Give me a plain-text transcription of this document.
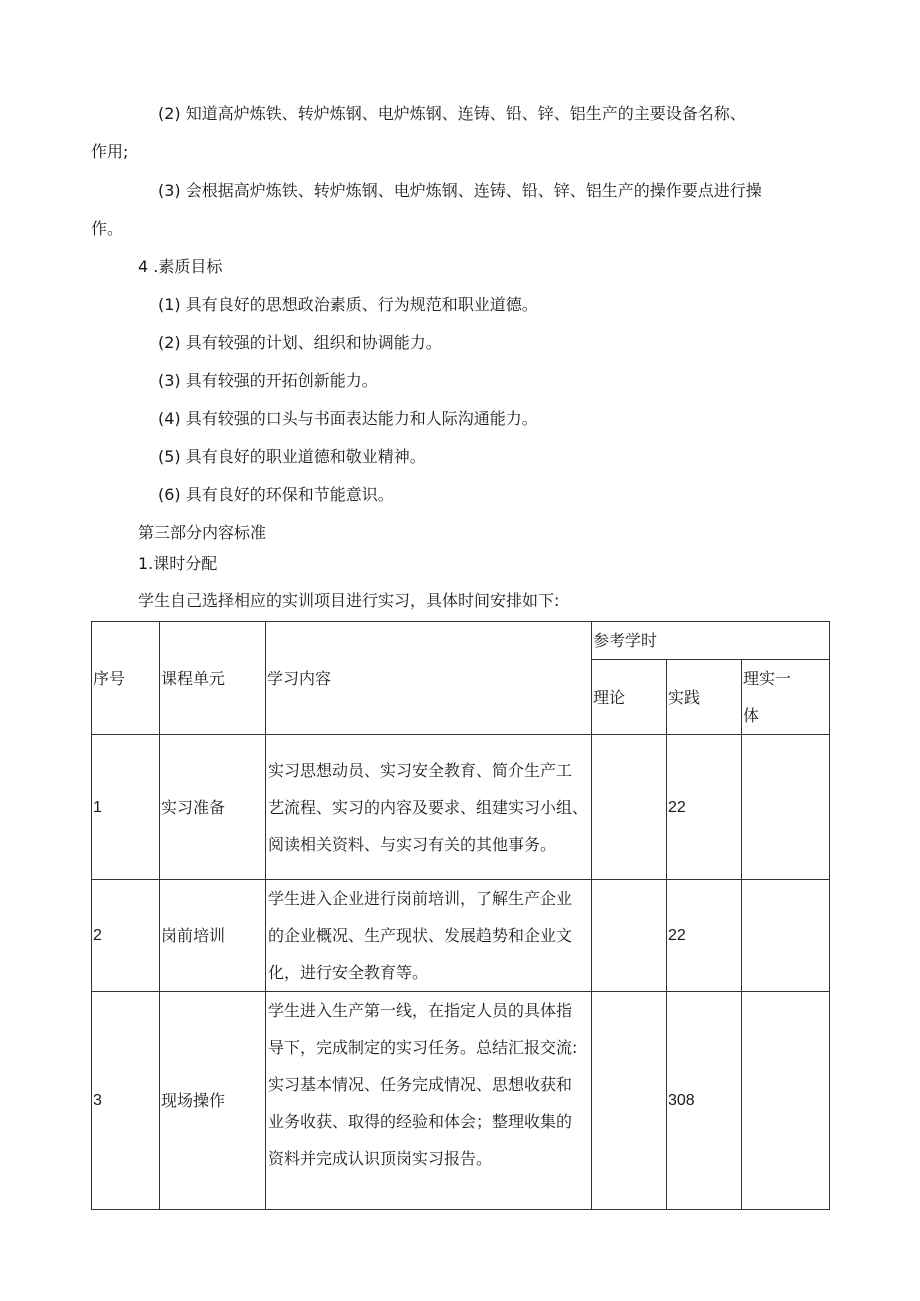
(2) 知道高炉炼铁、转炉炼钢、电炉炼钢、连铸、铅、锌、铝生产的主要设备名称、
作用;
(3) 会根据高炉炼铁、转炉炼钢、电炉炼钢、连铸、铅、锌、铝生产的操作要点进行操
作。
4 .素质目标
(1) 具有良好的思想政治素质、行为规范和职业道德。
(2) 具有较强的计划、组织和协调能力。
(3) 具有较强的开拓创新能力。
(4) 具有较强的口头与书面表达能力和人际沟通能力。
(5) 具有良好的职业道德和敬业精神。
(6) 具有良好的环保和节能意识。
第三部分内容标准
1.课时分配
学生自己选择相应的实训项目进行实习，具体时间安排如下:
序号	课程单元	学习内容	参考学时		
			理论	实践	理实一
体

1	实习准备	实习思想动员、实习安全教育、简介生产工
艺流程、实习的内容及要求、组建实习小组、
阅读相关资料、与实习有关的其他事务。		22	
2	岗前培训	学生进入企业进行岗前培训，了解生产企业
的企业概况、生产现状、发展趋势和企业文
化，进行安全教育等。		22	
3	现场操作	学生进入生产第一线，在指定人员的具体指
导下，完成制定的实习任务。总结汇报交流:
实习基本情况、任务完成情况、思想收获和
业务收获、取得的经验和体会；整理收集的
资料并完成认识顶岗实习报告。		308	
